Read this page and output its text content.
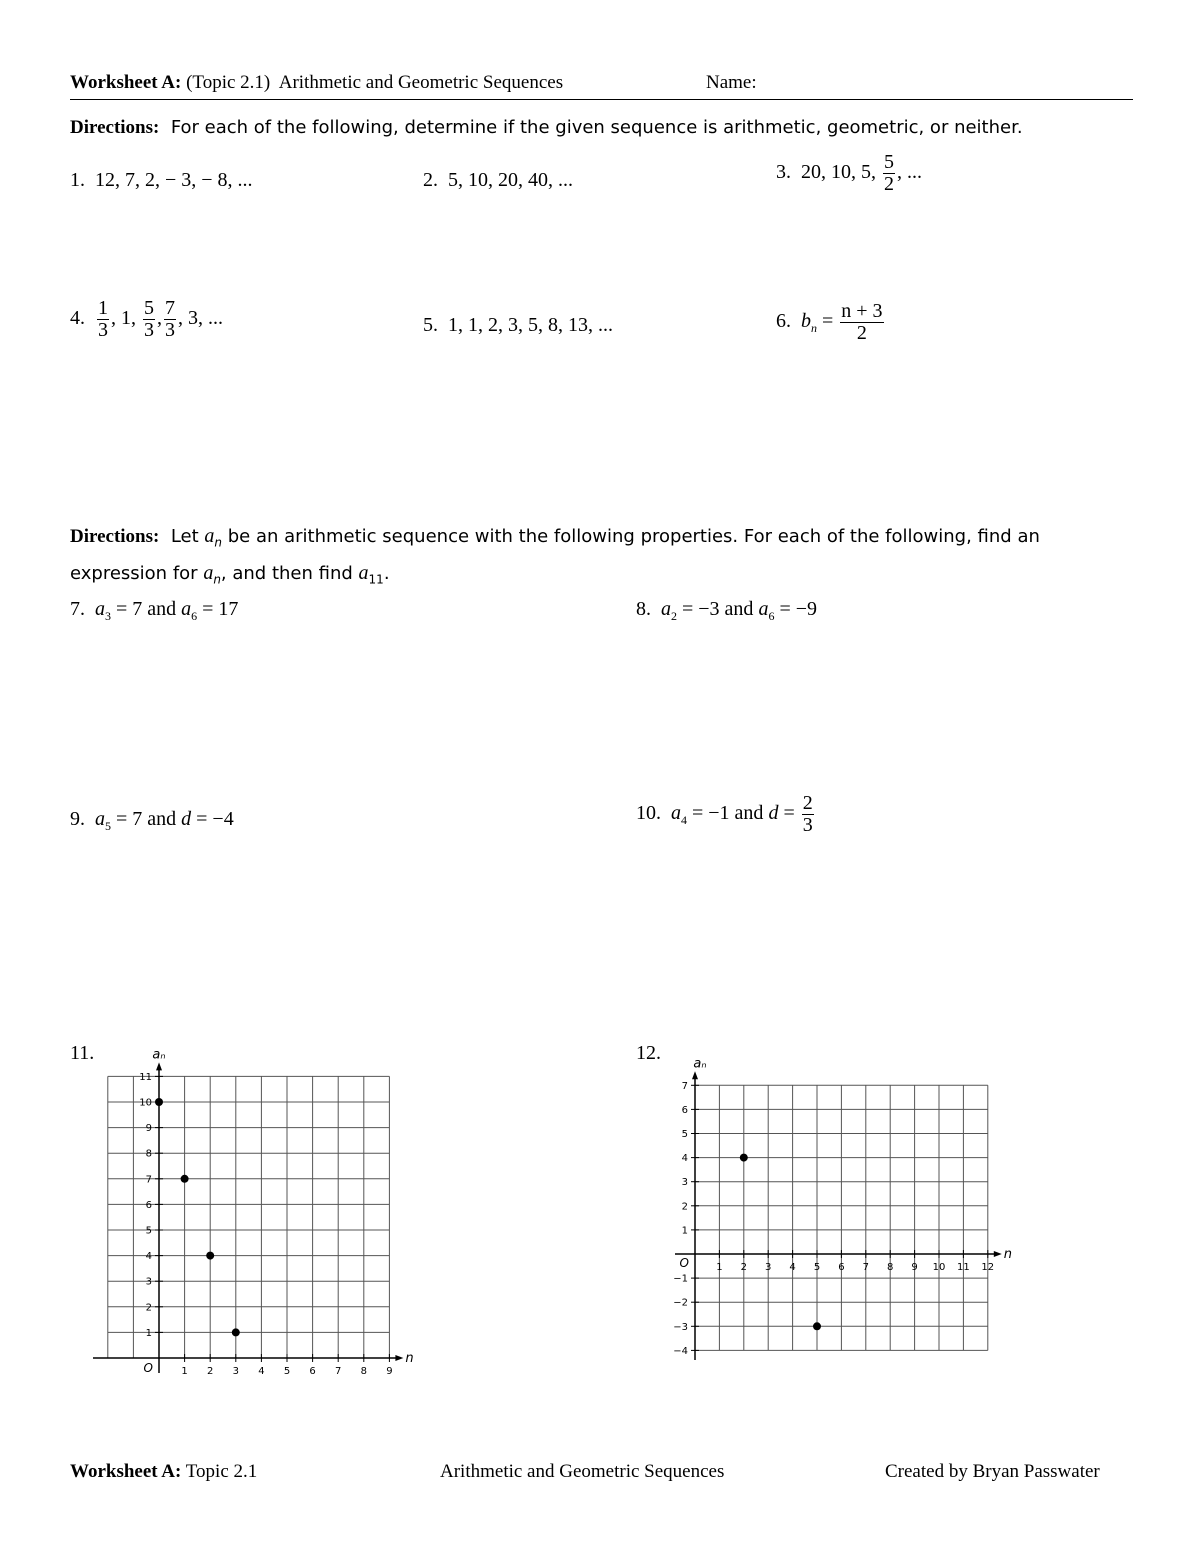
Worksheet A: (Topic 2.1) Arithmetic and Geometric Sequences	Name:
Directions: For each of the following, determine if the given sequence is arithmetic, geometric, or neither.
1. 12, 7, 2, − 3, − 8, ...	2. 5, 10, 20, 40, ...	3. 20, 10, 5, $\frac{5}{2}$ , ...
4. $\frac{1}{3}$ , 1, $\frac{5}{3}$ , $\frac{7}{3}$ , 3, ...	5. 1, 1, 2, 3, 5, 8, 13, ...	6. $b_n = \frac{n + 3}{2}$
Directions: Let $a_n$ be an arithmetic sequence with the following properties. For each of the following, find an
expression for $a_n$, and then find $a_{11}$.
7. $a_3 = 7$ and $a_6 = 17$	8. $a_2 = -3$ and $a_6 = -9$
9. $a_5 = 7$ and d = −4	10. $a_4 = -1$ and $d = \frac{2}{3}$
11.	12.
1 2 3 4 5 6 7 8 9
1
2
3
4
5
6
7
8
9
10
11
O
n
aₙ
1 2 3 4 5 6 7 8 9 10 11 12
−4
−3
−2
−1
1
2
3
4
5
6
7
O
n
aₙ
Worksheet A: Topic 2.1	Arithmetic and Geometric Sequences	Created by Bryan Passwater
